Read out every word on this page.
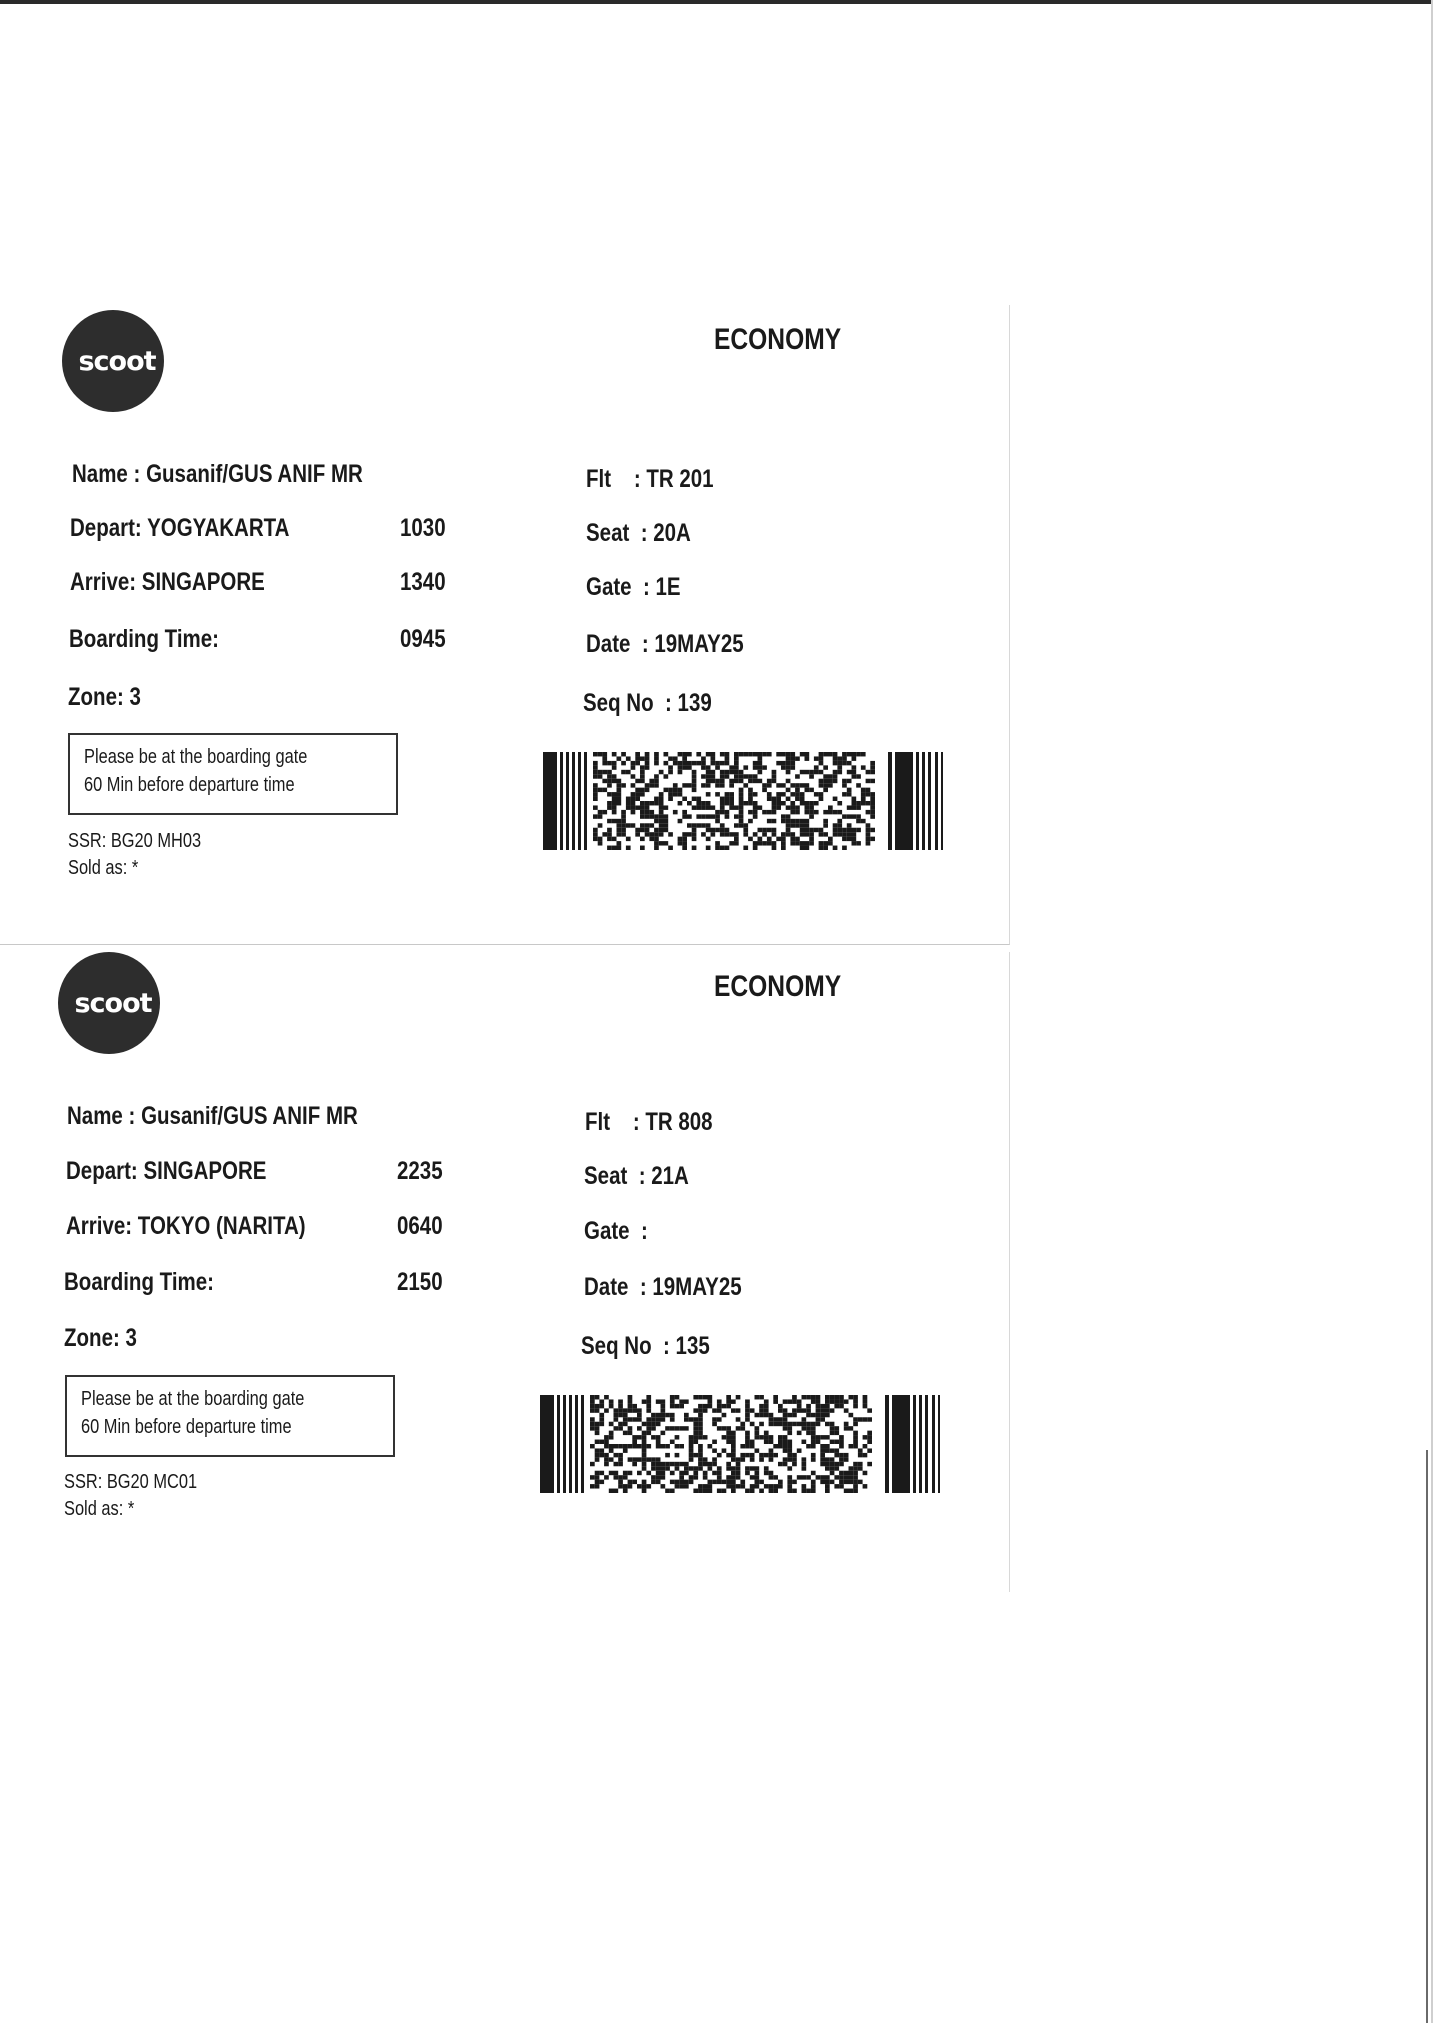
scoot
ECONOMY
Name : Gusanif/GUS ANIF MR
Depart: YOGYAKARTA	1030
Arrive: SINGAPORE	1340
Boarding Time:	0945
Zone: 3
Please be at the boarding gate
60 Min before departure time
SSR: BG20 MH03
Sold as: *
Flt    : TR 201
Seat  : 20A
Gate  : 1E
Date  : 19MAY25
Seq No  : 139
scoot	ECONOMY
Name : Gusanif/GUS ANIF MR
Depart: SINGAPORE	2235
Arrive: TOKYO (NARITA)	0640
Boarding Time:	2150
Zone: 3
Please be at the boarding gate
60 Min before departure time
SSR: BG20 MC01
Sold as: *
Flt    : TR 808
Seat  : 21A
Gate  :
Date  : 19MAY25
Seq No  : 135
